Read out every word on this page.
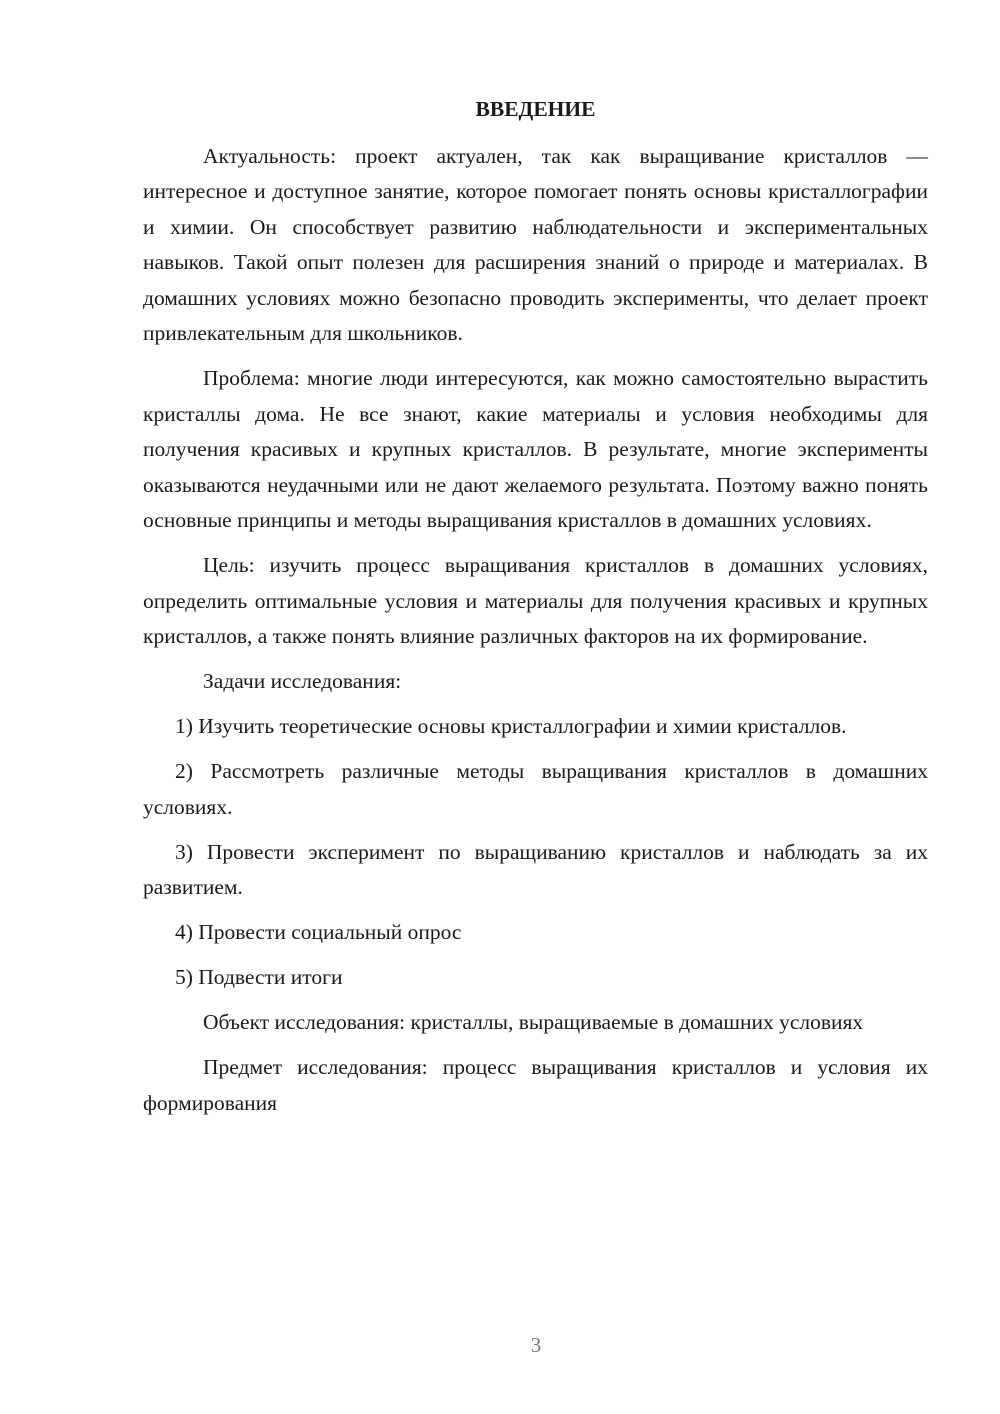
ВВЕДЕНИЕ

Актуальность: проект актуален, так как выращивание кристаллов — интересное и доступное занятие, которое помогает понять основы кристаллографии и химии. Он способствует развитию наблюдательности и экспериментальных навыков. Такой опыт полезен для расширения знаний о природе и материалах. В домашних условиях можно безопасно проводить эксперименты, что делает проект привлекательным для школьников.

Проблема: многие люди интересуются, как можно самостоятельно вырастить кристаллы дома. Не все знают, какие материалы и условия необходимы для получения красивых и крупных кристаллов. В результате, многие эксперименты оказываются неудачными или не дают желаемого результата. Поэтому важно понять основные принципы и методы выращивания кристаллов в домашних условиях.

Цель: изучить процесс выращивания кристаллов в домашних условиях, определить оптимальные условия и материалы для получения красивых и крупных кристаллов, а также понять влияние различных факторов на их формирование.

Задачи исследования:

1) Изучить теоретические основы кристаллографии и химии кристаллов.

2) Рассмотреть различные методы выращивания кристаллов в домашних условиях.

3) Провести эксперимент по выращиванию кристаллов и наблюдать за их развитием.

4) Провести социальный опрос

5) Подвести итоги

Объект исследования: кристаллы, выращиваемые в домашних условиях

Предмет исследования: процесс выращивания кристаллов и условия их формирования

3
